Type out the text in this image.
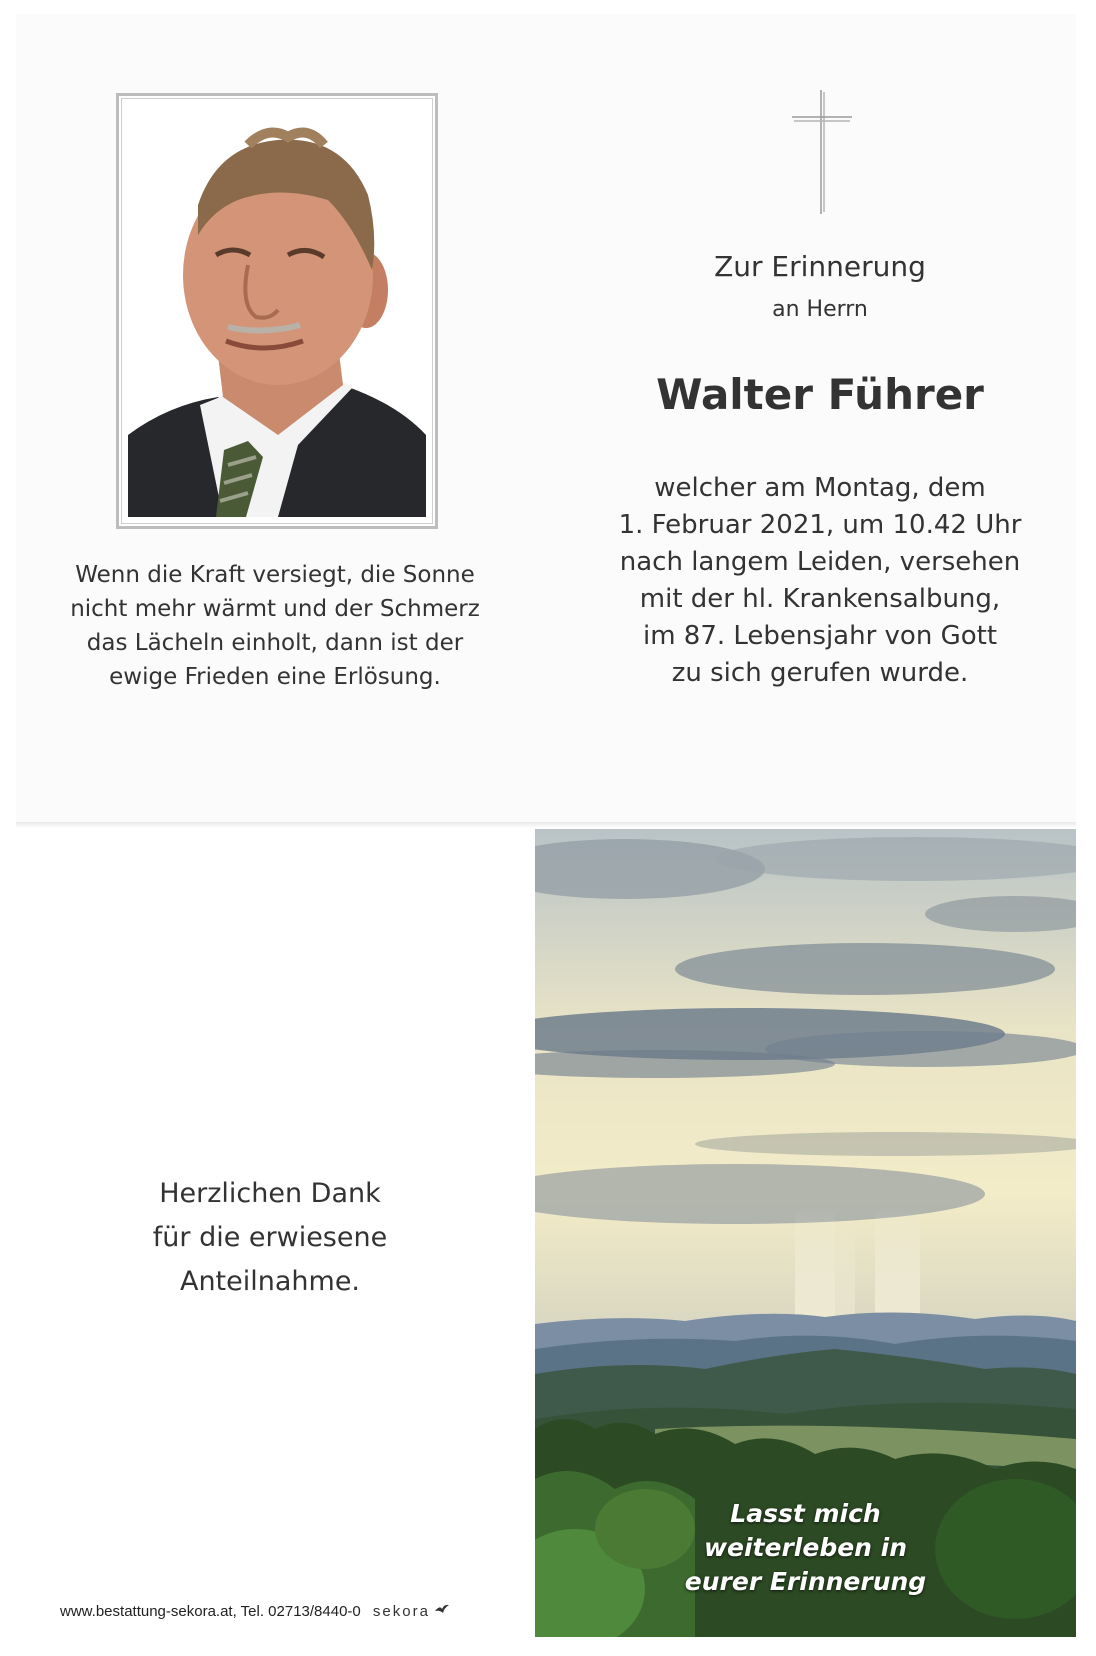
Wenn die Kraft versiegt, die Sonne
nicht mehr wärmt und der Schmerz
das Lächeln einholt, dann ist der
ewige Frieden eine Erlösung.
Zur Erinnerung
an Herrn
Walter Führer
welcher am Montag, dem
1. Februar 2021, um 10.42 Uhr
nach langem Leiden, versehen
mit der hl. Krankensalbung,
im 87. Lebensjahr von Gott
zu sich gerufen wurde.
Herzlichen Dank
für die erwiesene
Anteilnahme.
www.bestattung-sekora.at, Tel. 02713/8440-0 sekora
Lasst mich
weiterleben in
eurer Erinnerung
